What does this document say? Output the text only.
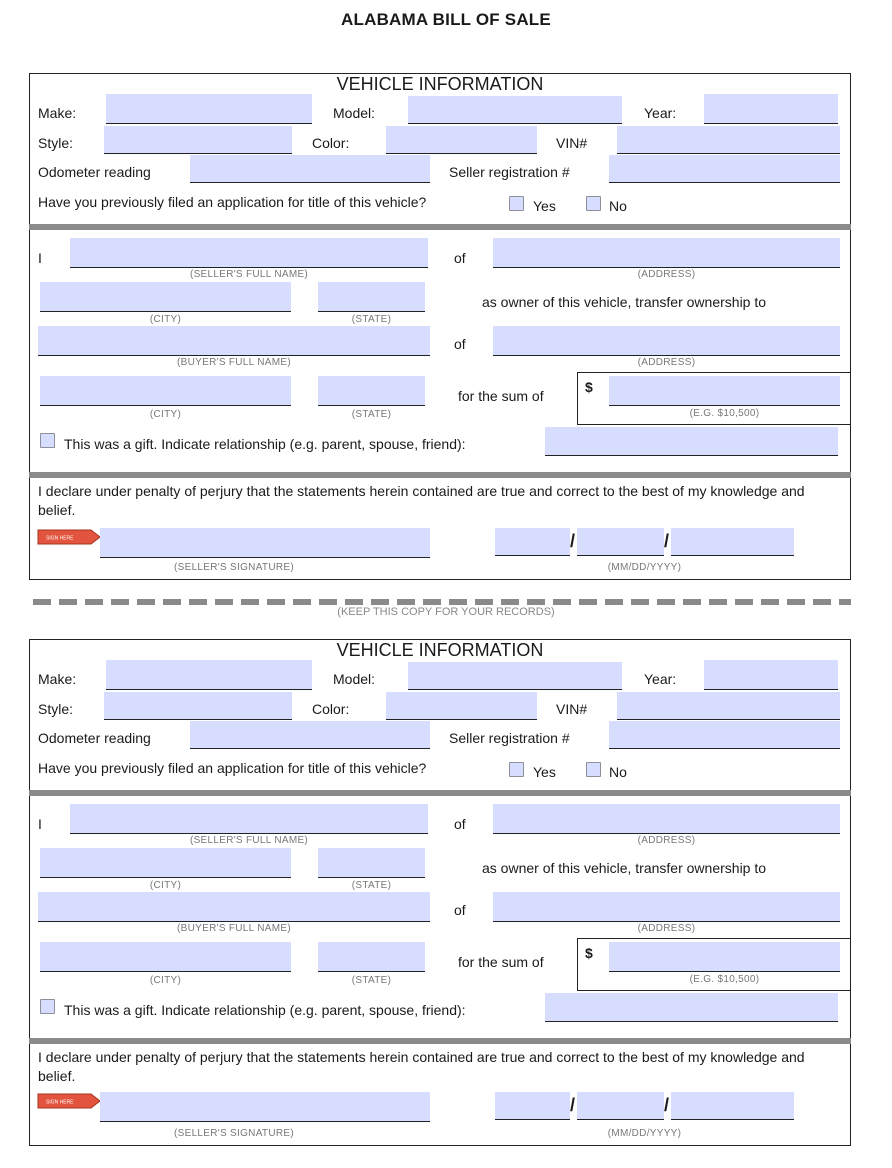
ALABAMA BILL OF SALE
VEHICLE INFORMATION
Make:	Model:	Year:
Style:	Color:	VIN#
Odometer reading	Seller registration #
Have you previously filed an application for title of this vehicle?	Yes	No
I
(SELLER'S FULL NAME)
of
(ADDRESS)
(CITY)	(STATE)
as owner of this vehicle, transfer ownership to
(BUYER'S FULL NAME)
of
(ADDRESS)
(CITY)	(STATE)
for the sum of
$
(E.G. $10,500)
This was a gift. Indicate relationship (e.g. parent, spouse, friend):
I declare under penalty of perjury that the statements herein contained are true and correct to the best of my knowledge and belief.
SIGN HERE
(SELLER'S SIGNATURE)
/	/
(MM/DD/YYYY)
(KEEP THIS COPY FOR YOUR RECORDS)
VEHICLE INFORMATION
Make:	Model:	Year:
Style:	Color:	VIN#
Odometer reading	Seller registration #
Have you previously filed an application for title of this vehicle?	Yes	No
I
(SELLER'S FULL NAME)
of
(ADDRESS)
(CITY)	(STATE)
as owner of this vehicle, transfer ownership to
(BUYER'S FULL NAME)
of
(ADDRESS)
(CITY)	(STATE)
for the sum of
$
(E.G. $10,500)
This was a gift. Indicate relationship (e.g. parent, spouse, friend):
I declare under penalty of perjury that the statements herein contained are true and correct to the best of my knowledge and belief.
SIGN HERE
(SELLER'S SIGNATURE)
/	/
(MM/DD/YYYY)
